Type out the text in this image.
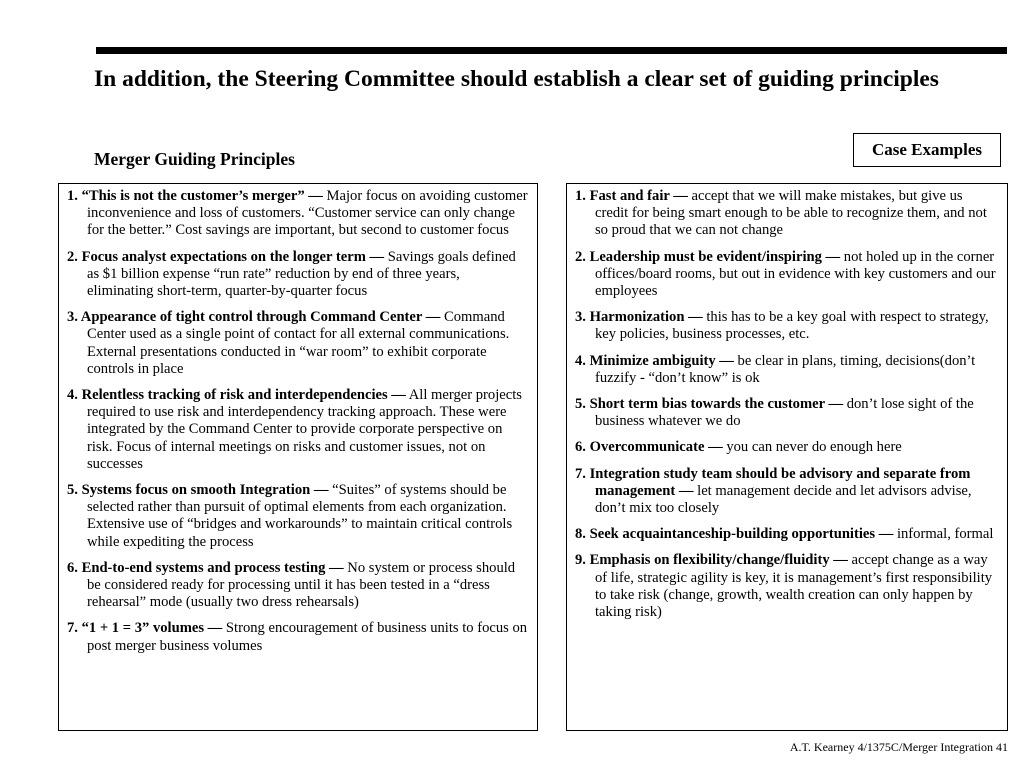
In addition, the Steering Committee should establish a clear set of guiding principles
Merger Guiding Principles	Case Examples

1. “This is not the customer’s merger” — Major focus on avoiding customer inconvenience and loss of customers. “Customer service can only change for the better.” Cost savings are important, but second to customer focus

2. Focus analyst expectations on the longer term — Savings goals defined as $1 billion expense “run rate” reduction by end of three years, eliminating short-term, quarter-by-quarter focus

3. Appearance of tight control through Command Center — Command Center used as a single point of contact for all external communications. External presentations conducted in “war room” to exhibit corporate controls in place

4. Relentless tracking of risk and interdependencies — All merger projects required to use risk and interdependency tracking approach. These were integrated by the Command Center to provide corporate perspective on risk. Focus of internal meetings on risks and customer issues, not on successes

5. Systems focus on smooth Integration — “Suites” of systems should be selected rather than pursuit of optimal elements from each organization. Extensive use of “bridges and workarounds” to maintain critical controls while expediting the process

6. End-to-end systems and process testing — No system or process should be considered ready for processing until it has been tested in a “dress rehearsal” mode (usually two dress rehearsals)

7. “1 + 1 = 3” volumes — Strong encouragement of business units to focus on post merger business volumes

1. Fast and fair — accept that we will make mistakes, but give us credit for being smart enough to be able to recognize them, and not so proud that we can not change

2. Leadership must be evident/inspiring — not holed up in the corner offices/board rooms, but out in evidence with key customers and our employees

3. Harmonization — this has to be a key goal with respect to strategy, key policies, business processes, etc.

4. Minimize ambiguity — be clear in plans, timing, decisions(don’t fuzzify - “don’t know” is ok

5. Short term bias towards the customer — don’t lose sight of the business whatever we do

6. Overcommunicate — you can never do enough here

7. Integration study team should be advisory and separate from management — let management decide and let advisors advise, don’t mix too closely

8. Seek acquaintanceship-building opportunities — informal, formal

9. Emphasis on flexibility/change/fluidity — accept change as a way of life, strategic agility is key, it is management’s first responsibility to take risk (change, growth, wealth creation can only happen by taking risk)

A.T. Kearney 4/1375C/Merger Integration 41
